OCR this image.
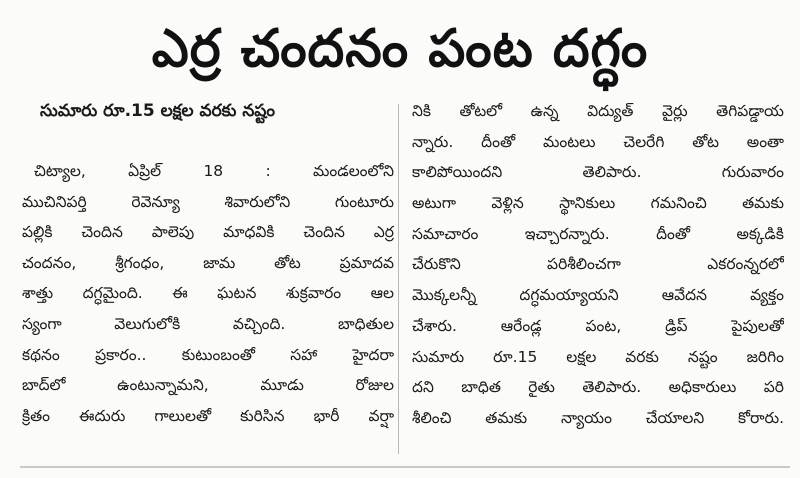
ఎర్ర చందనం పంట దగ్ధం
సుమారు రూ.15 లక్షల వరకు నష్టం
చిట్యాల, ఏప్రిల్ 18 : మండలంలోని
ముచినిపర్తి రెవెన్యూ శివారులోని గుంటూరు
పల్లికి చెందిన పాలెపు మాధవికి చెందిన ఎర్ర
చందనం, శ్రీగంధం, జామ తోట ప్రమాదవ
శాత్తు దగ్ధమైంది. ఈ ఘటన శుక్రవారం ఆల
స్యంగా వెలుగులోకి వచ్చింది. బాధితుల
కథనం ప్రకారం.. కుటుంబంతో సహా హైదరా
బాద్‌లో ఉంటున్నామని, మూడు రోజుల
క్రితం ఈదురు గాలులతో కురిసిన భారీ వర్షా
నికి తోటలో ఉన్న విద్యుత్ వైర్లు తెగిపడ్డాయ
న్నారు. దీంతో మంటలు చెలరేగి తోట అంతా
కాలిపోయిందని తెలిపారు. గురువారం
అటుగా వెళ్లిన స్థానికులు గమనించి తమకు
సమాచారం ఇచ్చారన్నారు. దీంతో అక్కడికి
చేరుకొని పరిశీలించగా ఎకరంన్నరలో
మొక్కలన్నీ దగ్ధమయ్యాయని ఆవేదన వ్యక్తం
చేశారు. ఆరేండ్ల పంట, డ్రిప్ పైపులతో
సుమారు రూ.15 లక్షల వరకు నష్టం జరిగిం
దని బాధిత రైతు తెలిపారు. అధికారులు పరి
శీలించి తమకు న్యాయం చేయాలని కోరారు.
